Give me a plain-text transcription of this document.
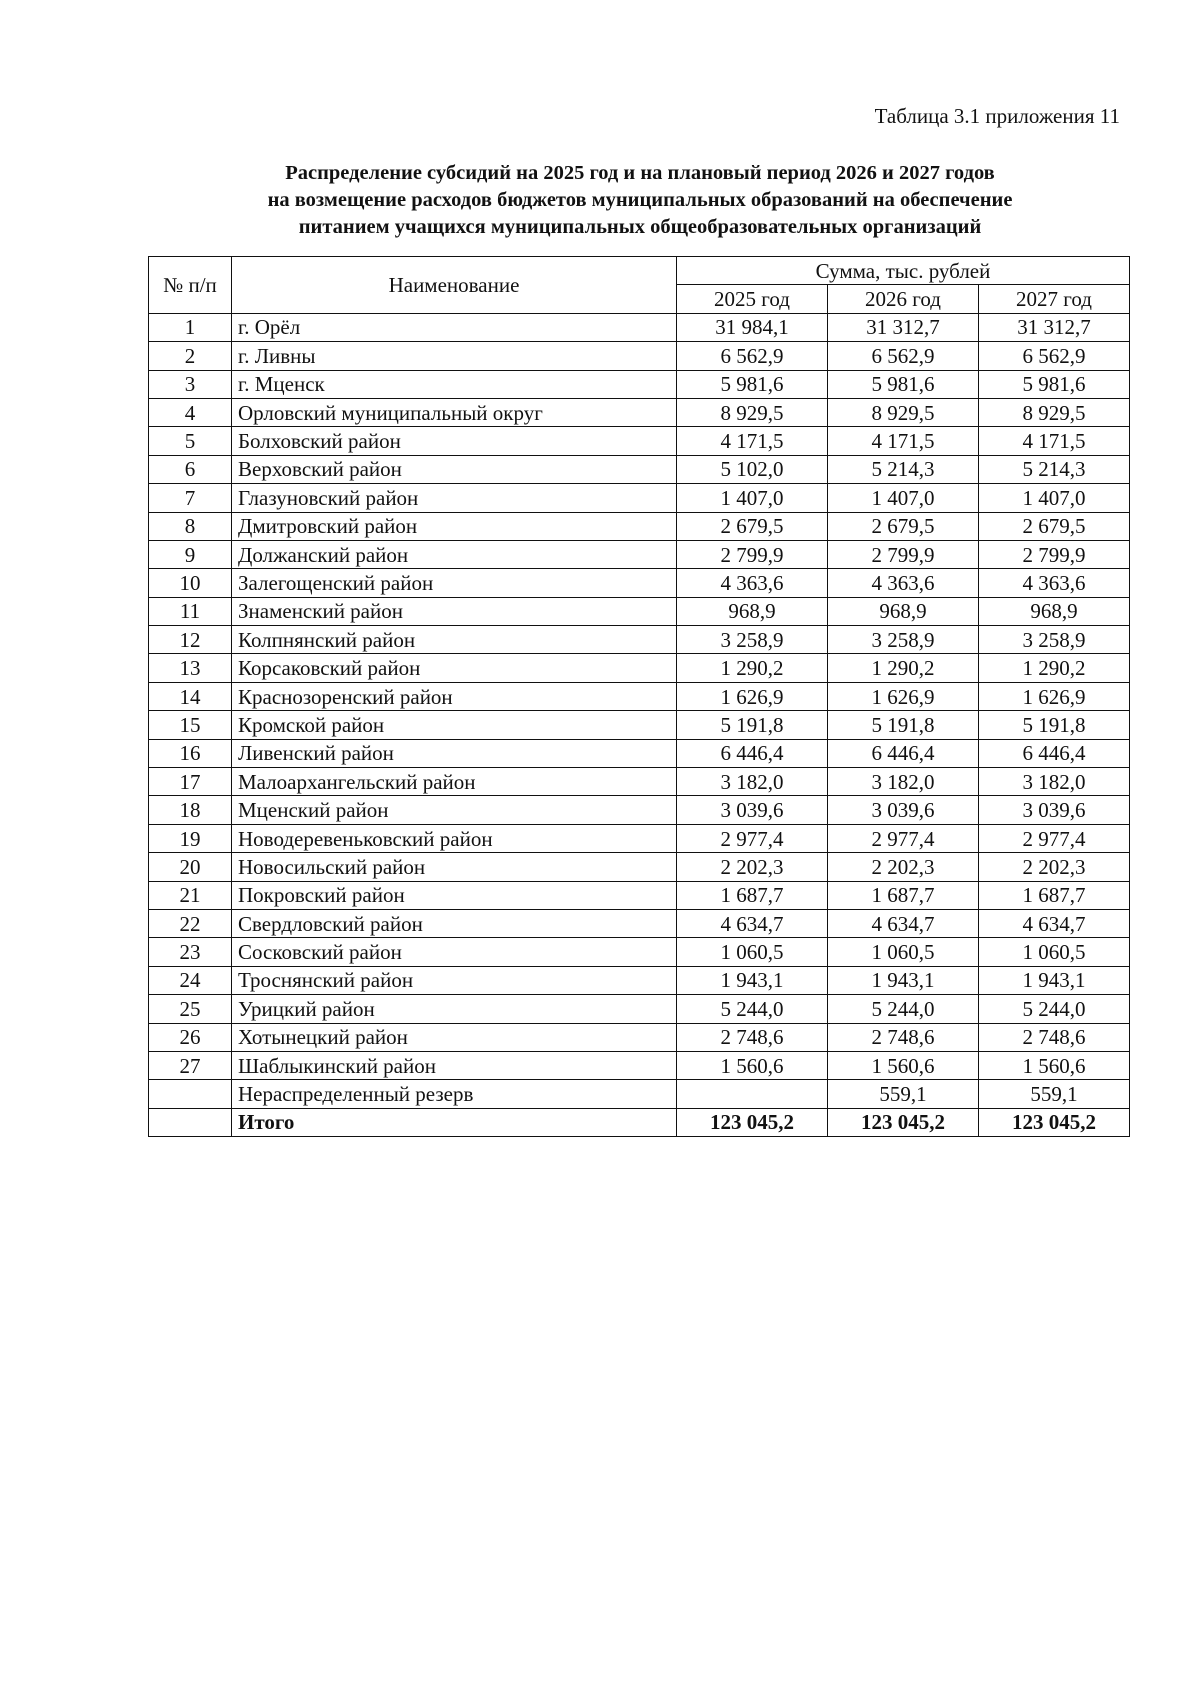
Таблица 3.1 приложения 11
Распределение субсидий на 2025 год и на плановый период 2026 и 2027 годов
на возмещение расходов бюджетов муниципальных образований на обеспечение
питанием учащихся муниципальных общеобразовательных организаций
№ п/п	Наименование	Сумма, тыс. рублей		
		2025 год	2026 год	2027 год
1	г. Орёл	31 984,1	31 312,7	31 312,7
2	г. Ливны	6 562,9	6 562,9	6 562,9
3	г. Мценск	5 981,6	5 981,6	5 981,6
4	Орловский муниципальный округ	8 929,5	8 929,5	8 929,5
5	Болховский район	4 171,5	4 171,5	4 171,5
6	Верховский район	5 102,0	5 214,3	5 214,3
7	Глазуновский район	1 407,0	1 407,0	1 407,0
8	Дмитровский район	2 679,5	2 679,5	2 679,5
9	Должанский район	2 799,9	2 799,9	2 799,9
10	Залегощенский район	4 363,6	4 363,6	4 363,6
11	Знаменский район	968,9	968,9	968,9
12	Колпнянский район	3 258,9	3 258,9	3 258,9
13	Корсаковский район	1 290,2	1 290,2	1 290,2
14	Краснозоренский район	1 626,9	1 626,9	1 626,9
15	Кромской район	5 191,8	5 191,8	5 191,8
16	Ливенский район	6 446,4	6 446,4	6 446,4
17	Малоархангельский район	3 182,0	3 182,0	3 182,0
18	Мценский район	3 039,6	3 039,6	3 039,6
19	Новодеревеньковский район	2 977,4	2 977,4	2 977,4
20	Новосильский район	2 202,3	2 202,3	2 202,3
21	Покровский район	1 687,7	1 687,7	1 687,7
22	Свердловский район	4 634,7	4 634,7	4 634,7
23	Сосковский район	1 060,5	1 060,5	1 060,5
24	Троснянский район	1 943,1	1 943,1	1 943,1
25	Урицкий район	5 244,0	5 244,0	5 244,0
26	Хотынецкий район	2 748,6	2 748,6	2 748,6
27	Шаблыкинский район	1 560,6	1 560,6	1 560,6
	Нераспределенный резерв		559,1	559,1
	Итого	123 045,2	123 045,2	123 045,2
